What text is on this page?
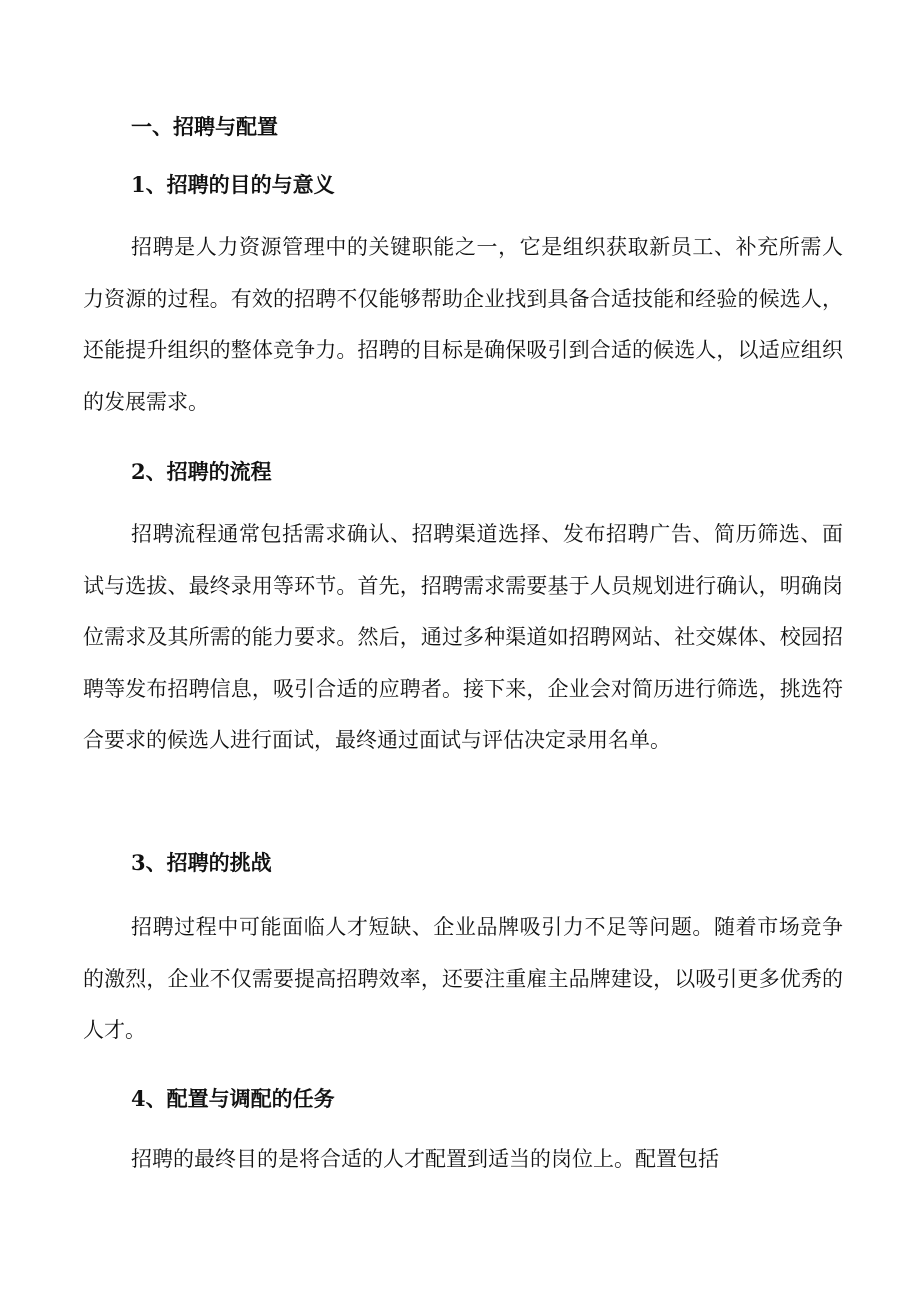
一、招聘与配置
1、招聘的目的与意义

招聘是人力资源管理中的关键职能之一，它是组织获取新员工、补充所需人力资源的过程。有效的招聘不仅能够帮助企业找到具备合适技能和经验的候选人，还能提升组织的整体竞争力。招聘的目标是确保吸引到合适的候选人，以适应组织的发展需求。

2、招聘的流程

招聘流程通常包括需求确认、招聘渠道选择、发布招聘广告、简历筛选、面试与选拔、最终录用等环节。首先，招聘需求需要基于人员规划进行确认，明确岗位需求及其所需的能力要求。然后，通过多种渠道如招聘网站、社交媒体、校园招聘等发布招聘信息，吸引合适的应聘者。接下来，企业会对简历进行筛选，挑选符合要求的候选人进行面试，最终通过面试与评估决定录用名单。

3、招聘的挑战

招聘过程中可能面临人才短缺、企业品牌吸引力不足等问题。随着市场竞争的激烈，企业不仅需要提高招聘效率，还要注重雇主品牌建设，以吸引更多优秀的人才。

4、配置与调配的任务

招聘的最终目的是将合适的人才配置到适当的岗位上。配置包括
